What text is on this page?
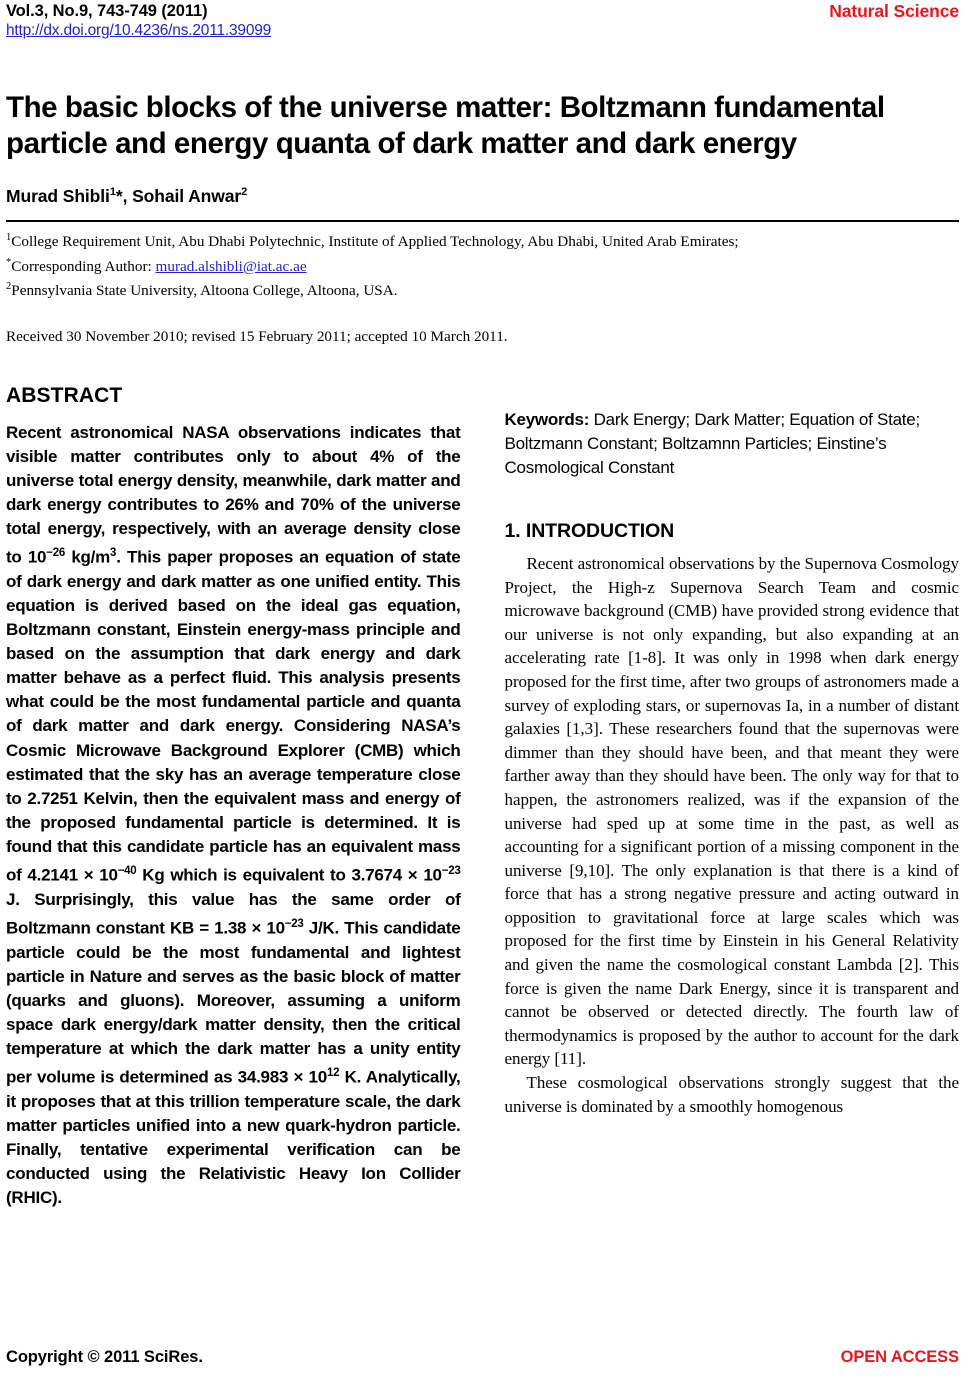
Vol.3, No.9, 743-749 (2011)
http://dx.doi.org/10.4236/ns.2011.39099
Natural Science
The basic blocks of the universe matter: Boltzmann fundamental particle and energy quanta of dark matter and dark energy
Murad Shibli$^1$*, Sohail Anwar$^2$
$^1$College Requirement Unit, Abu Dhabi Polytechnic, Institute of Applied Technology, Abu Dhabi, United Arab Emirates;
*Corresponding Author: murad.alshibli@iat.ac.ae
$^2$Pennsylvania State University, Altoona College, Altoona, USA.
Received 30 November 2010; revised 15 February 2011; accepted 10 March 2011.
ABSTRACT

Recent astronomical NASA observations indicates that visible matter contributes only to about 4% of the universe total energy density, meanwhile, dark matter and dark energy contributes to 26% and 70% of the universe total energy, respectively, with an average density close to $10^{-26}$ $kg/m^3$. This paper proposes an equation of state of dark energy and dark matter as one unified entity. This equation is derived based on the ideal gas equation, Boltzmann constant, Einstein energy-mass principle and based on the assumption that dark energy and dark matter behave as a perfect fluid. This analysis presents what could be the most fundamental particle and quanta of dark matter and dark energy. Considering NASA’s Cosmic Microwave Background Explorer (CMB) which estimated that the sky has an average temperature close to 2.7251 Kelvin, then the equivalent mass and energy of the proposed fundamental particle is determined. It is found that this candidate particle has an equivalent mass of $4.2141 \times 10^{-40}$ Kg which is equivalent to $3.7674 \times 10^{-23}$ J. Surprisingly, this value has the same order of Boltzmann constant KB = $1.38 \times 10^{-23}$ J/K. This candidate particle could be the most fundamental and lightest particle in Nature and serves as the basic block of matter (quarks and gluons). Moreover, assuming a uniform space dark energy/dark matter density, then the critical temperature at which the dark matter has a unity entity per volume is determined as $34.983 \times 10^{12}$ K. Analytically, it proposes that at this trillion temperature scale, the dark matter particles unified into a new quark-hydron particle. Finally, tentative experimental verification can be conducted using the Relativistic Heavy Ion Collider (RHIC).

Keywords: Dark Energy; Dark Matter; Equation of State; Boltzmann Constant; Boltzamnn Particles; Einstine’s Cosmological Constant

1. INTRODUCTION

Recent astronomical observations by the Supernova Cosmology Project, the High-z Supernova Search Team and cosmic microwave background (CMB) have provided strong evidence that our universe is not only expanding, but also expanding at an accelerating rate [1-8]. It was only in 1998 when dark energy proposed for the first time, after two groups of astronomers made a survey of exploding stars, or supernovas Ia, in a number of distant galaxies [1,3]. These researchers found that the supernovas were dimmer than they should have been, and that meant they were farther away than they should have been. The only way for that to happen, the astronomers realized, was if the expansion of the universe had sped up at some time in the past, as well as accounting for a significant portion of a missing component in the universe [9,10]. The only explanation is that there is a kind of force that has a strong negative pressure and acting outward in opposition to gravitational force at large scales which was proposed for the first time by Einstein in his General Relativity and given the name the cosmological constant Lambda [2]. This force is given the name Dark Energy, since it is transparent and cannot be observed or detected directly. The fourth law of thermodynamics is proposed by the author to account for the dark energy [11].

These cosmological observations strongly suggest that the universe is dominated by a smoothly homogenous

Copyright © 2011 SciRes.	OPEN ACCESS
